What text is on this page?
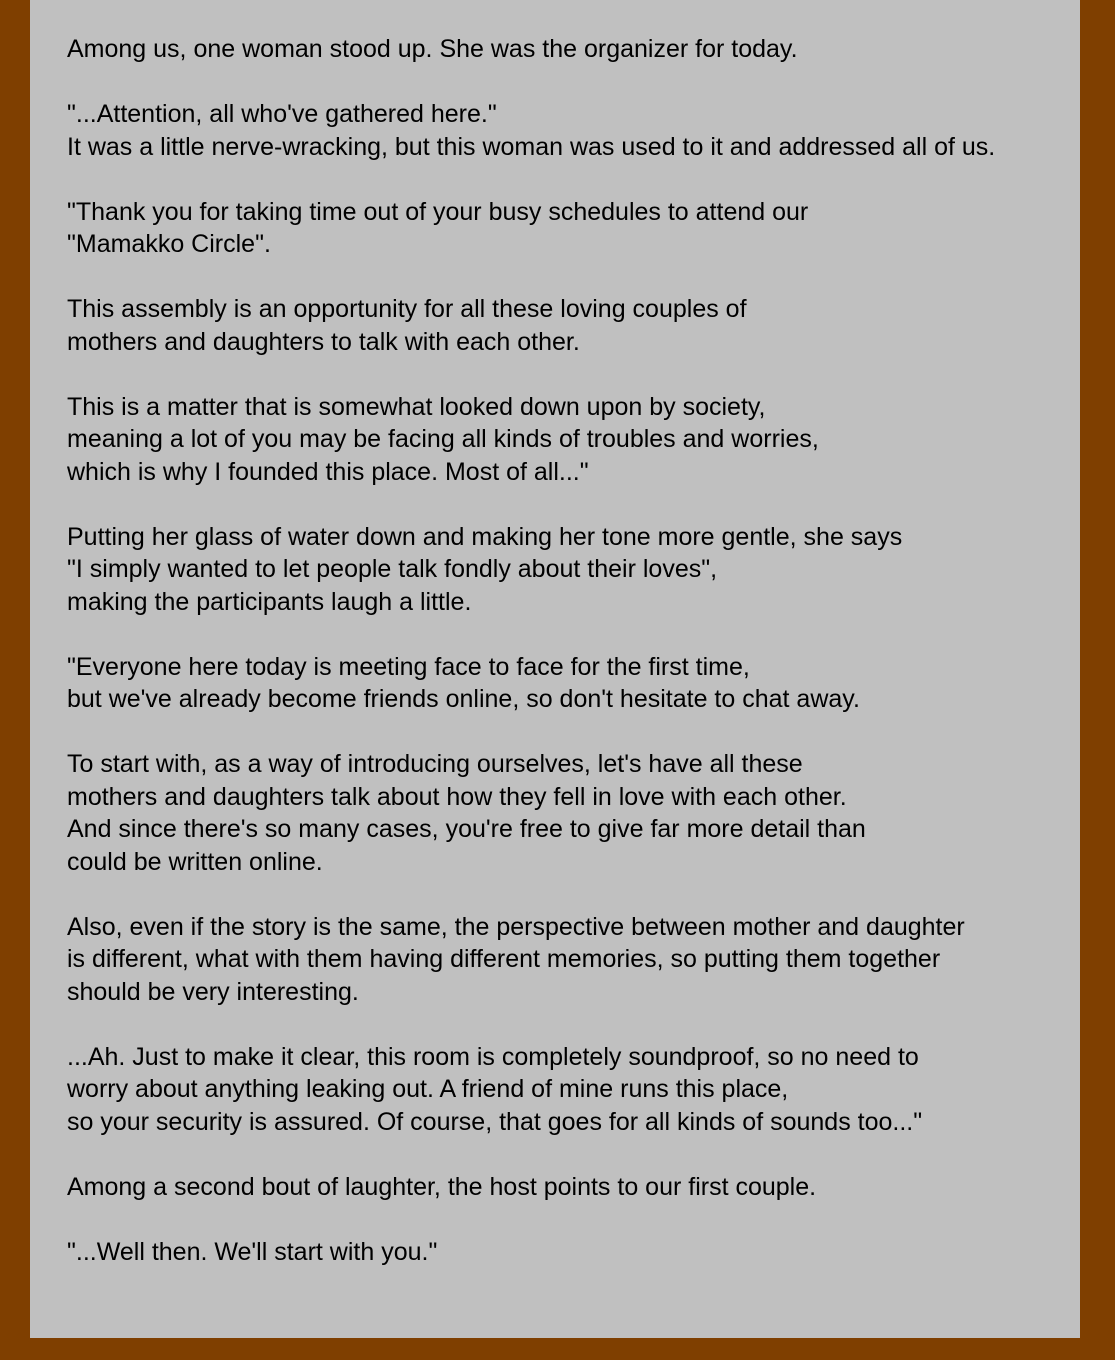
Among us, one woman stood up. She was the organizer for today.
"...Attention, all who've gathered here."
It was a little nerve-wracking, but this woman was used to it and addressed all of us.
"Thank you for taking time out of your busy schedules to attend our
"Mamakko Circle".
This assembly is an opportunity for all these loving couples of
mothers and daughters to talk with each other.
This is a matter that is somewhat looked down upon by society,
meaning a lot of you may be facing all kinds of troubles and worries,
which is why I founded this place. Most of all..."
Putting her glass of water down and making her tone more gentle, she says
"I simply wanted to let people talk fondly about their loves",
making the participants laugh a little.
"Everyone here today is meeting face to face for the first time,
but we've already become friends online, so don't hesitate to chat away.
To start with, as a way of introducing ourselves, let's have all these
mothers and daughters talk about how they fell in love with each other.
And since there's so many cases, you're free to give far more detail than
could be written online.
Also, even if the story is the same, the perspective between mother and daughter
is different, what with them having different memories, so putting them together
should be very interesting.
...Ah. Just to make it clear, this room is completely soundproof, so no need to
worry about anything leaking out. A friend of mine runs this place,
so your security is assured. Of course, that goes for all kinds of sounds too..."
Among a second bout of laughter, the host points to our first couple.
"...Well then. We'll start with you."
